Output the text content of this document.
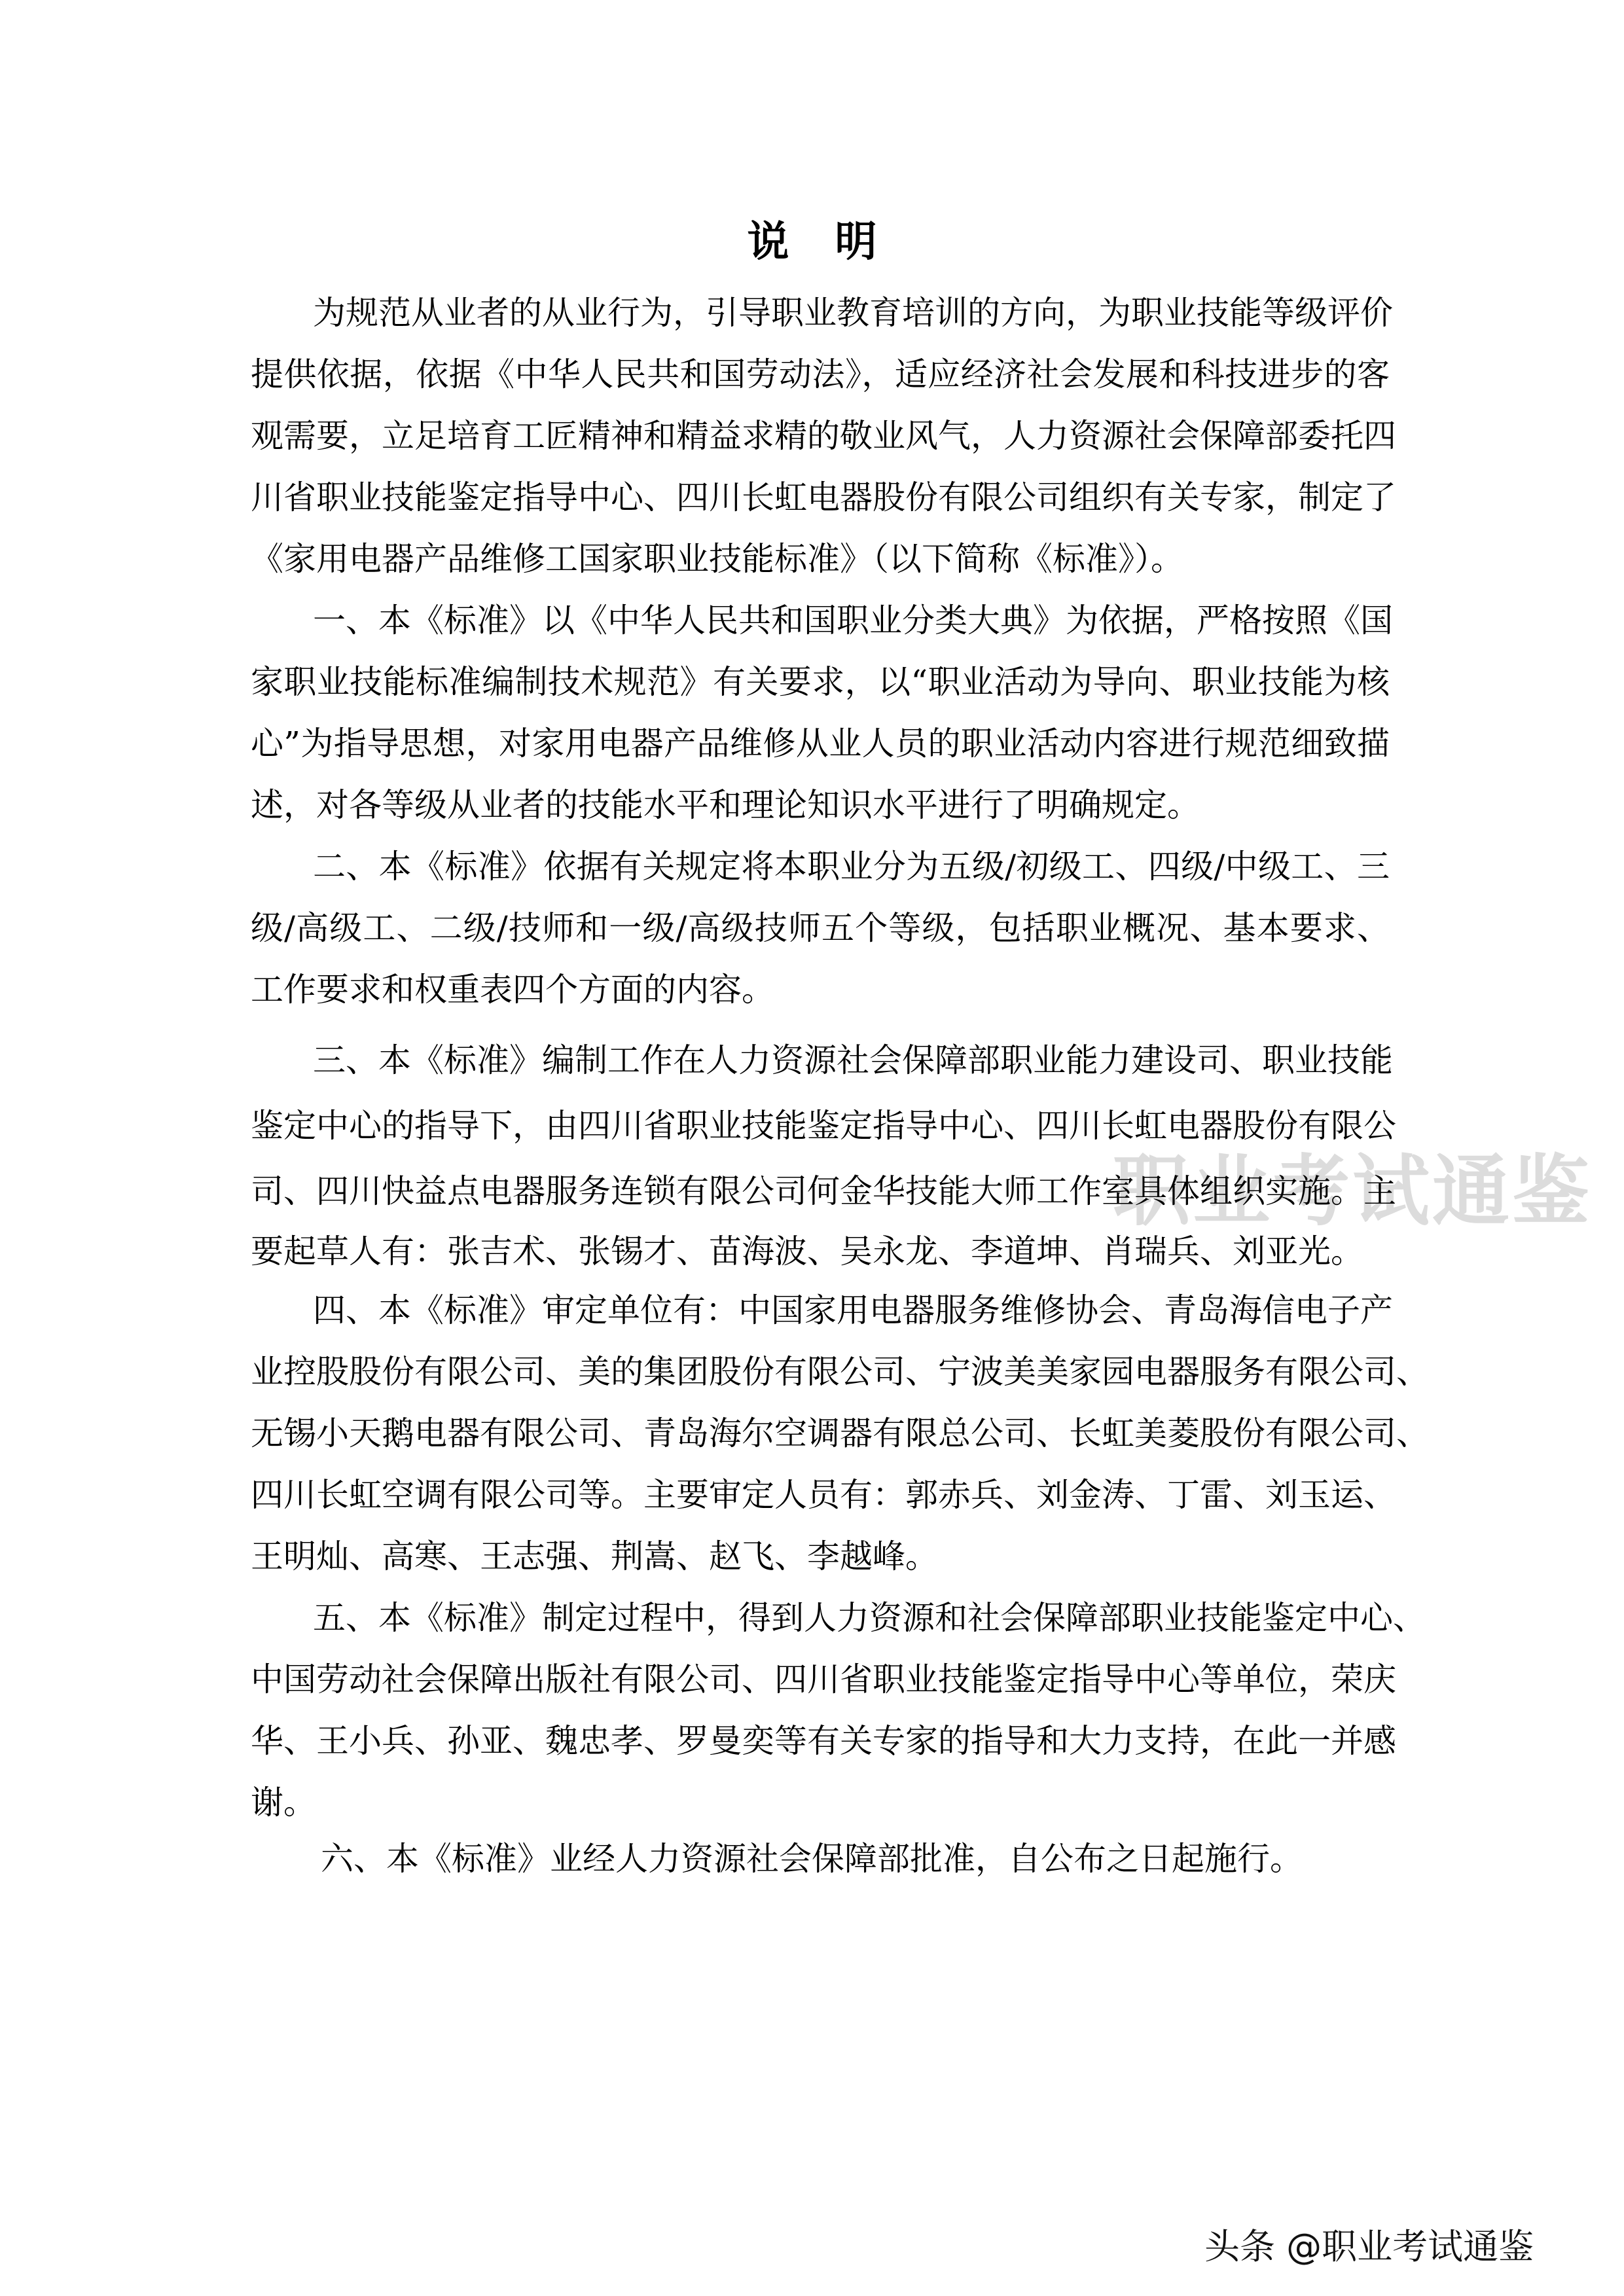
说明
职业考试通鉴
为规范从业者的从业行为，引导职业教育培训的方向，为职业技能等级评价
提供依据，依据《中华人民共和国劳动法》，适应经济社会发展和科技进步的客
观需要，立足培育工匠精神和精益求精的敬业风气，人力资源社会保障部委托四
川省职业技能鉴定指导中心、四川长虹电器股份有限公司组织有关专家，制定了
《家用电器产品维修工国家职业技能标准》（以下简称《标准》）。
一、本《标准》以《中华人民共和国职业分类大典》为依据，严格按照《国
家职业技能标准编制技术规范》有关要求，以“职业活动为导向、职业技能为核
心”为指导思想，对家用电器产品维修从业人员的职业活动内容进行规范细致描
述，对各等级从业者的技能水平和理论知识水平进行了明确规定。
二、本《标准》依据有关规定将本职业分为五级/初级工、四级/中级工、三
级/高级工、二级/技师和一级/高级技师五个等级，包括职业概况、基本要求、
工作要求和权重表四个方面的内容。
三、本《标准》编制工作在人力资源社会保障部职业能力建设司、职业技能
鉴定中心的指导下，由四川省职业技能鉴定指导中心、四川长虹电器股份有限公
司、四川快益点电器服务连锁有限公司何金华技能大师工作室具体组织实施。主
要起草人有：张吉术、张锡才、苗海波、吴永龙、李道坤、肖瑞兵、刘亚光。
四、本《标准》审定单位有：中国家用电器服务维修协会、青岛海信电子产
业控股股份有限公司、美的集团股份有限公司、宁波美美家园电器服务有限公司、
无锡小天鹅电器有限公司、青岛海尔空调器有限总公司、长虹美菱股份有限公司、
四川长虹空调有限公司等。主要审定人员有：郭赤兵、刘金涛、丁雷、刘玉运、
王明灿、高寒、王志强、荆嵩、赵飞、李越峰。
五、本《标准》制定过程中，得到人力资源和社会保障部职业技能鉴定中心、
中国劳动社会保障出版社有限公司、四川省职业技能鉴定指导中心等单位，荣庆
华、王小兵、孙亚、魏忠孝、罗曼奕等有关专家的指导和大力支持，在此一并感
谢。
六、本《标准》业经人力资源社会保障部批准，自公布之日起施行。
头条 @职业考试通鉴
